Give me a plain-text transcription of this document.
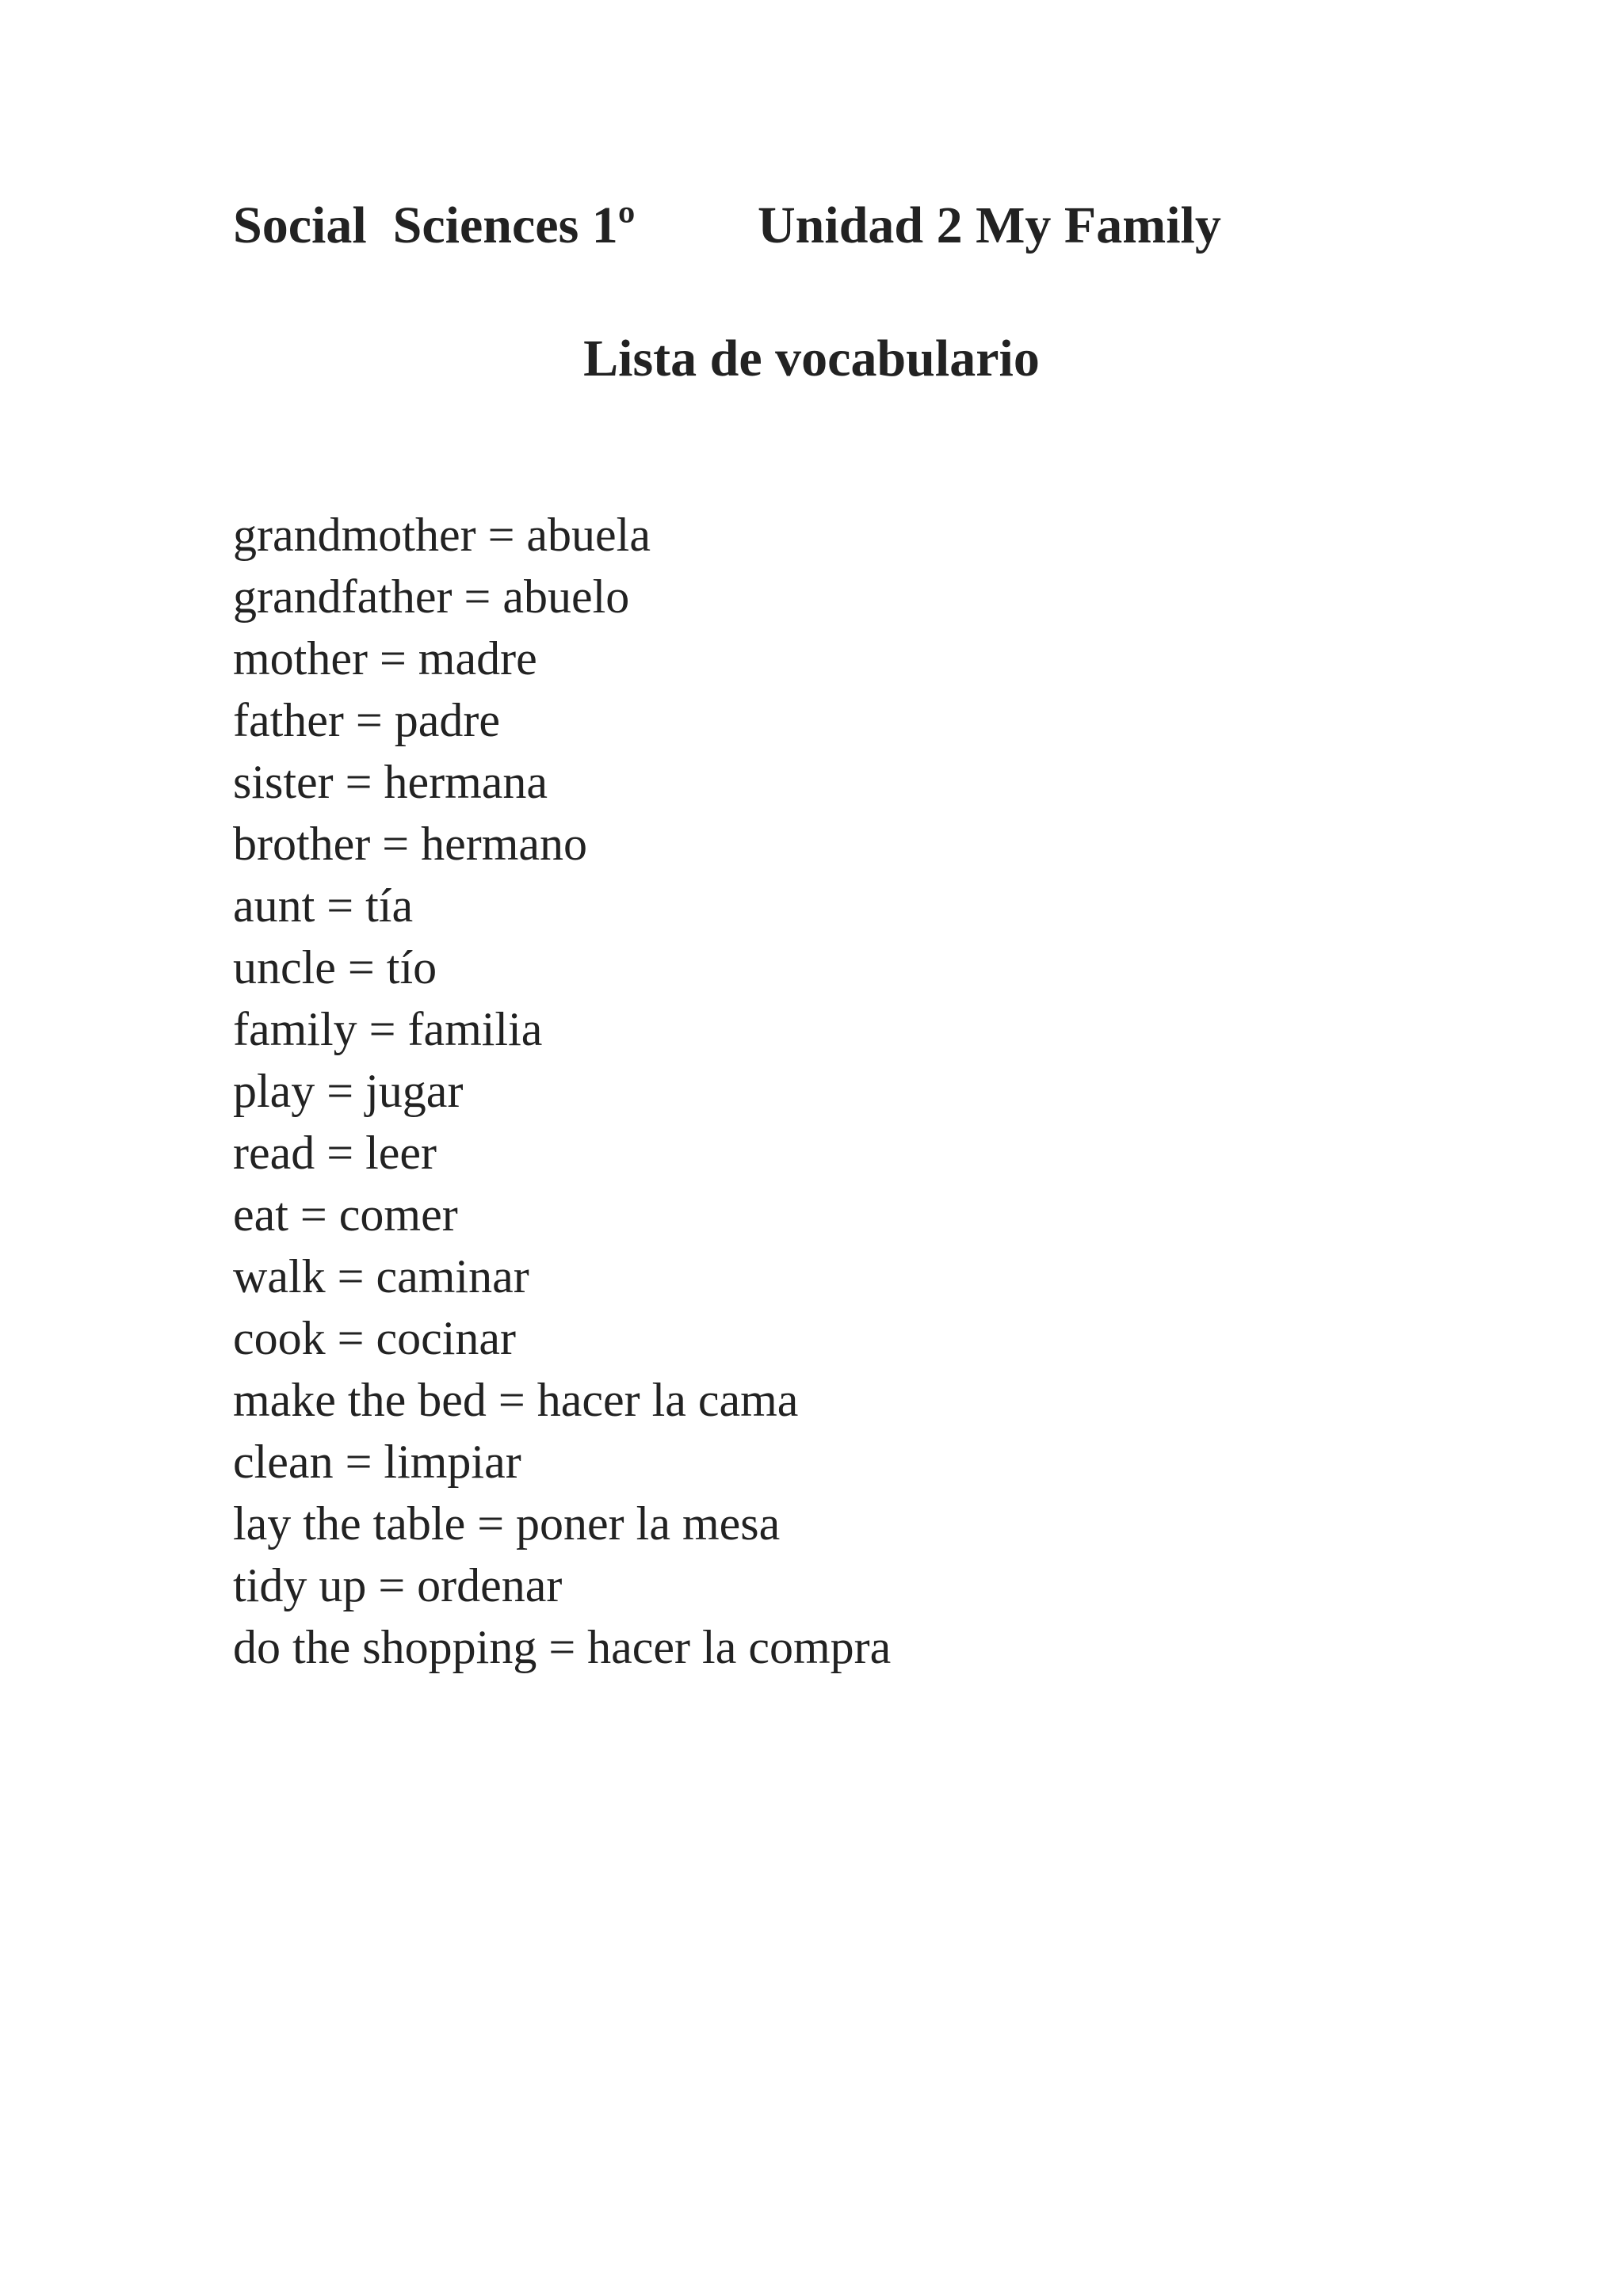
Social  Sciences 1º Unidad 2 My Family
Lista de vocabulario
grandmother = abuela
grandfather = abuelo
mother = madre
father = padre
sister = hermana
brother = hermano
aunt = tía
uncle = tío
family = familia
play = jugar
read = leer
eat = comer
walk = caminar
cook = cocinar
make the bed = hacer la cama
clean = limpiar
lay the table = poner la mesa
tidy up = ordenar
do the shopping = hacer la compra
